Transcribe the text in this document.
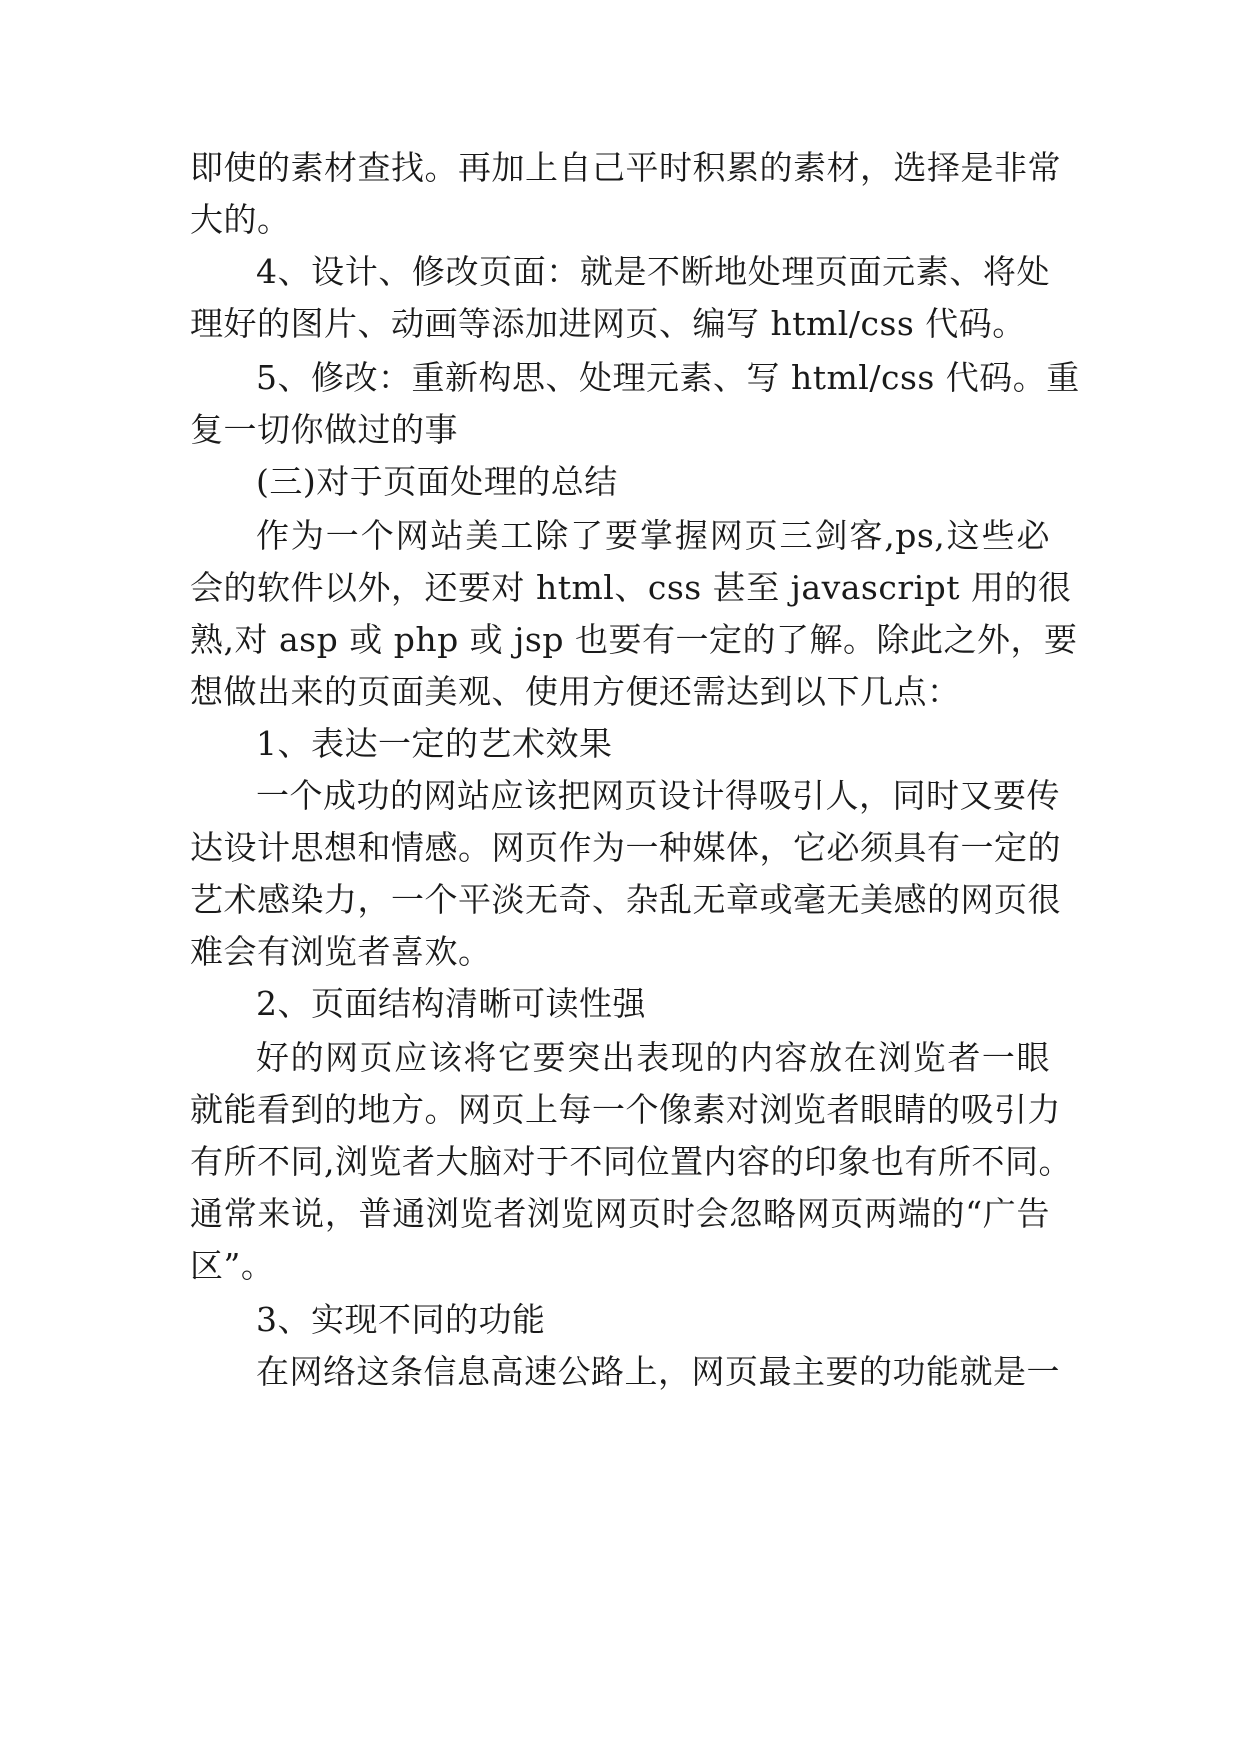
即使的素材查找。再加上自己平时积累的素材，选择是非常
大的。
4、设计、修改页面：就是不断地处理页面元素、将处
理好的图片、动画等添加进网页、编写 html/css 代码。
5、修改：重新构思、处理元素、写 html/css 代码。重
复一切你做过的事
(三)对于页面处理的总结
作为一个网站美工除了要掌握网页三剑客,ps,这些必
会的软件以外，还要对 html、css 甚至 javascript 用的很
熟,对 asp 或 php 或 jsp 也要有一定的了解。除此之外，要
想做出来的页面美观、使用方便还需达到以下几点：
1、表达一定的艺术效果
一个成功的网站应该把网页设计得吸引人，同时又要传
达设计思想和情感。网页作为一种媒体，它必须具有一定的
艺术感染力，一个平淡无奇、杂乱无章或毫无美感的网页很
难会有浏览者喜欢。
2、页面结构清晰可读性强
好的网页应该将它要突出表现的内容放在浏览者一眼
就能看到的地方。网页上每一个像素对浏览者眼睛的吸引力
有所不同,浏览者大脑对于不同位置内容的印象也有所不同。
通常来说，普通浏览者浏览网页时会忽略网页两端的“广告
区”。
3、实现不同的功能
在网络这条信息高速公路上，网页最主要的功能就是一
